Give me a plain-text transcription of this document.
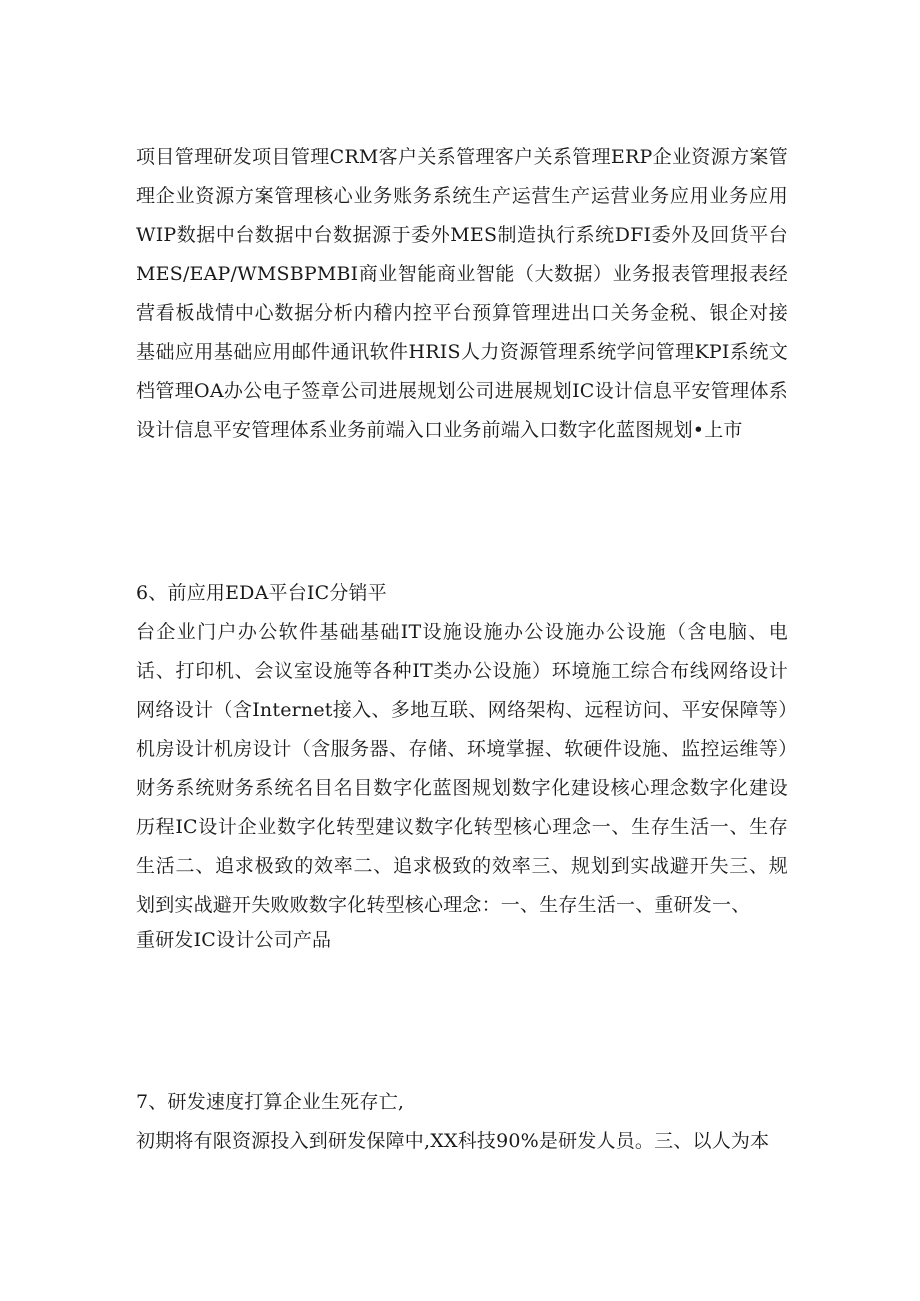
项目管理研发项目管理CRM客户关系管理客户关系管理ERP企业资源方案管理企业资源方案管理核心业务账务系统生产运营生产运营业务应用业务应用WIP数据中台数据中台数据源于委外MES制造执行系统DFI委外及回货平台MES/EAP/WMSBPMBI商业智能商业智能（大数据）业务报表管理报表经营看板战情中心数据分析内稽内控平台预算管理进出口关务金税、银企对接基础应用基础应用邮件通讯软件HRIS人力资源管理系统学问管理KPI系统文档管理OA办公电子签章公司进展规划公司进展规划IC设计信息平安管理体系设计信息平安管理体系业务前端入口业务前端入口数字化蓝图规划•上市
6、前应用EDA平台IC分销平
台企业门户办公软件基础基础IT设施设施办公设施办公设施（含电脑、电话、打印机、会议室设施等各种IT类办公设施）环境施工综合布线网络设计网络设计（含Internet接入、多地互联、网络架构、远程访问、平安保障等）机房设计机房设计（含服务器、存储、环境掌握、软硬件设施、监控运维等）财务系统财务系统名目名目数字化蓝图规划数字化建设核心理念数字化建设历程IC设计企业数字化转型建议数字化转型核心理念一、生存生活一、生存生活二、追求极致的效率二、追求极致的效率三、规划到实战避开失三、规划到实战避开失败败数字化转型核心理念：一、生存生活一、重研发一、
重研发IC设计公司产品
7、研发速度打算企业生死存亡,
初期将有限资源投入到研发保障中,XX科技90%是研发人员。三、以人为本
